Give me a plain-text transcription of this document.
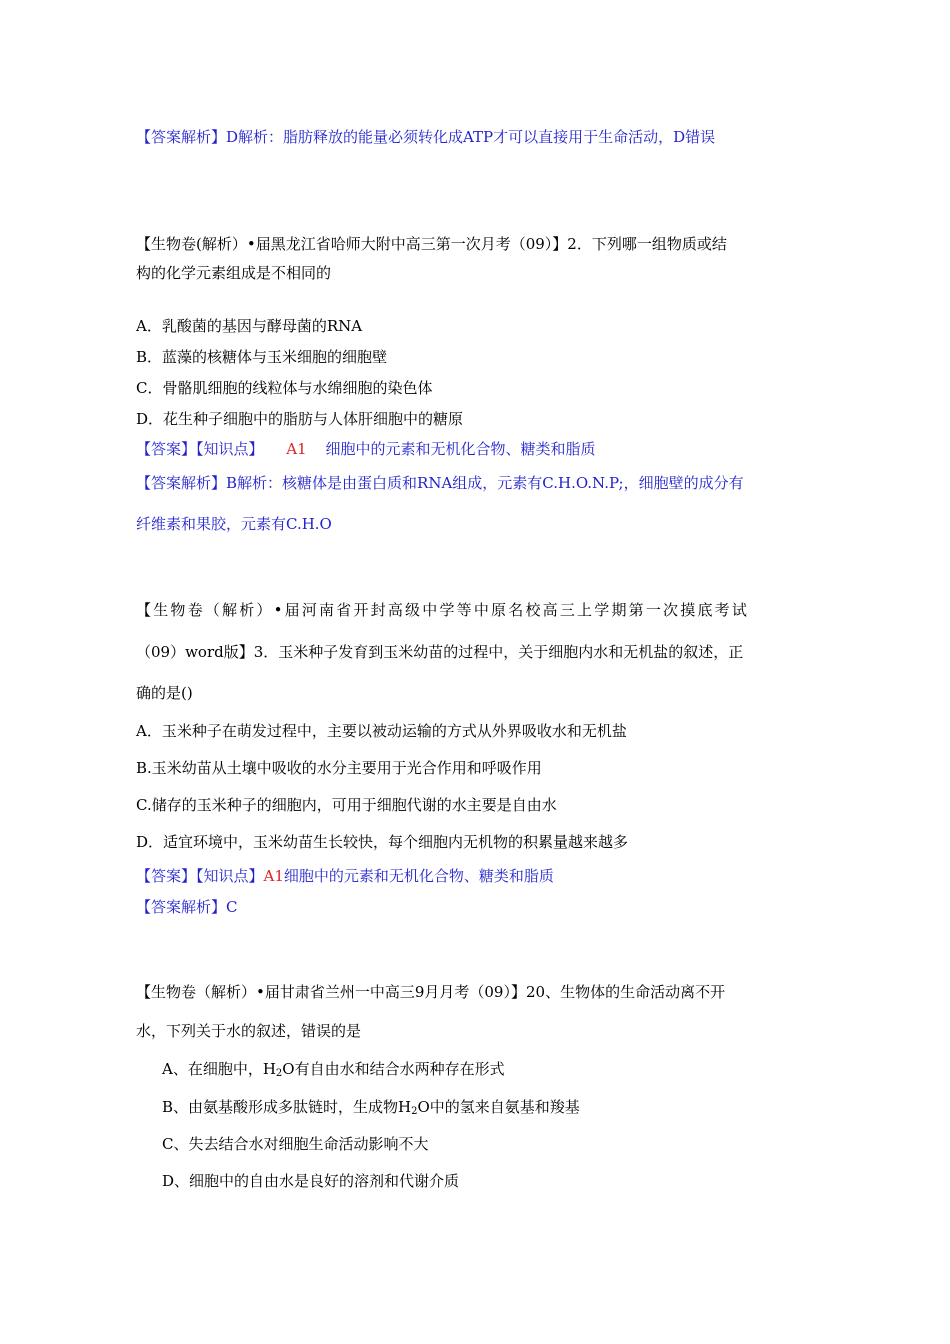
【答案解析】D解析：脂肪释放的能量必须转化成ATP才可以直接用于生命活动，D错误
【生物卷(解析）•届黑龙江省哈师大附中高三第一次月考（09）】2．下列哪一组物质或结
构的化学元素组成是不相同的
A．乳酸菌的基因与酵母菌的RNA
B．蓝藻的核糖体与玉米细胞的细胞壁
C．骨骼肌细胞的线粒体与水绵细胞的染色体
D．花生种子细胞中的脂肪与人体肝细胞中的糖原
【答案】【知识点】 A1 细胞中的元素和无机化合物、糖类和脂质
【答案解析】B解析：核糖体是由蛋白质和RNA组成，元素有C.H.O.N.P;，细胞壁的成分有
纤维素和果胶，元素有C.H.O
【生物卷（解析）•届河南省开封高级中学等中原名校高三上学期第一次摸底考试
（09）word版】3．玉米种子发育到玉米幼苗的过程中，关于细胞内水和无机盐的叙述，正
确的是()
A．玉米种子在萌发过程中，主要以被动运输的方式从外界吸收水和无机盐
B.玉米幼苗从土壤中吸收的水分主要用于光合作用和呼吸作用
C.储存的玉米种子的细胞内，可用于细胞代谢的水主要是自由水
D．适宜环境中，玉米幼苗生长较快，每个细胞内无机物的积累量越来越多
【答案】【知识点】A1细胞中的元素和无机化合物、糖类和脂质
【答案解析】C
【生物卷（解析）•届甘肃省兰州一中高三9月月考（09）】20、生物体的生命活动离不开
水，下列关于水的叙述，错误的是
A、在细胞中，$H_2O$有自由水和结合水两种存在形式
B、由氨基酸形成多肽链时，生成物$H_2O$中的氢来自氨基和羧基
C、失去结合水对细胞生命活动影响不大
D、细胞中的自由水是良好的溶剂和代谢介质
